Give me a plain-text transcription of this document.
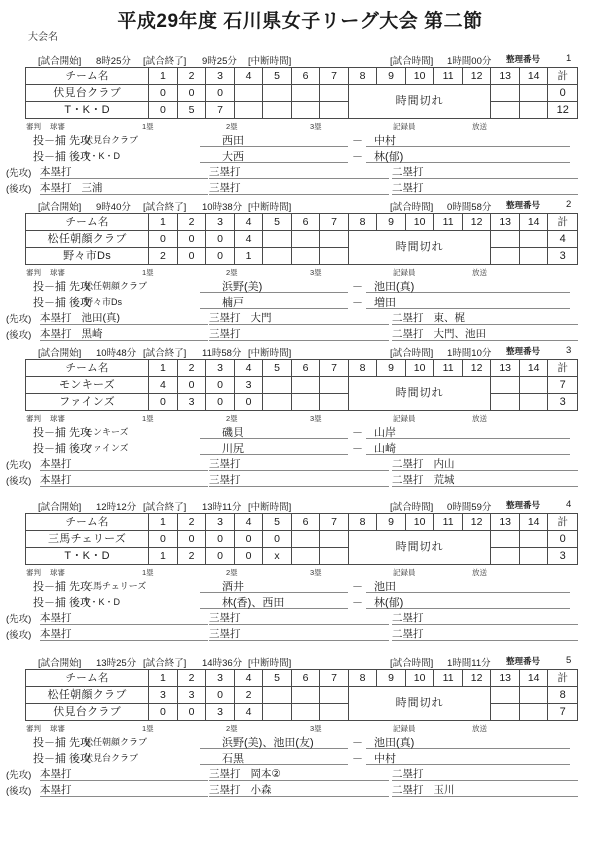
平成29年度 石川県女子リーグ大会 第二節
大会名
[試合開始] 8時25分 [試合終了] 9時25分 [中断時間]	[試合時間] 1時間00分 整理番号	1
チーム名	1	2	3	4	5	6	7	8	9	10	11	12	13	14	計
伏見台クラブ	0	0	0					時間切れ							0
T・K・D	0	5	7												12
審判 球審	1塁	2塁	3塁	記録員	放送
投－捕 先攻
伏見台クラブ	西田	－	中村
投－捕 後攻
T・K・D	大西	－	林(郁)
(先攻) 本塁打	三塁打	二塁打
(後攻) 本塁打 三浦	三塁打	二塁打
[試合開始] 9時40分 [試合終了] 10時38分 [中断時間]	[試合時間] 0時間58分 整理番号	2
チーム名	1	2	3	4	5	6	7	8	9	10	11	12	13	14	計
松任朝顔クラブ	0	0	0	4				時間切れ							4
野々市Ds	2	0	0	1											3
審判 球審	1塁	2塁	3塁	記録員	放送
投－捕 先攻
松任朝顔クラブ	浜野(美)	－	池田(真)
投－捕 後攻
野々市Ds	楠戸	－	増田
(先攻) 本塁打 池田(真)	三塁打 大門	二塁打 東、梶
(後攻) 本塁打 黒崎	三塁打	二塁打 大門、池田
[試合開始] 10時48分 [試合終了] 11時58分 [中断時間]	[試合時間] 1時間10分 整理番号	3
チーム名	1	2	3	4	5	6	7	8	9	10	11	12	13	14	計
モンキーズ	4	0	0	3				時間切れ							7
ファインズ	0	3	0	0											3
審判 球審	1塁	2塁	3塁	記録員	放送
投－捕 先攻
モンキーズ	磯貝	－	山岸
投－捕 後攻
ファインズ	川尻	－	山崎
(先攻) 本塁打	三塁打	二塁打 内山
(後攻) 本塁打	三塁打	二塁打 荒城
[試合開始] 12時12分 [試合終了] 13時11分 [中断時間]	[試合時間] 0時間59分 整理番号	4
チーム名	1	2	3	4	5	6	7	8	9	10	11	12	13	14	計
三馬チェリーズ	0	0	0	0	0			時間切れ							0
T・K・D	1	2	0	0	x										3
審判 球審	1塁	2塁	3塁	記録員	放送
投－捕 先攻
三馬チェリーズ	酒井	－	池田
投－捕 後攻
T・K・D	林(香)、西田	－	林(郁)
(先攻) 本塁打	三塁打	二塁打
(後攻) 本塁打	三塁打	二塁打
[試合開始] 13時25分 [試合終了] 14時36分 [中断時間]	[試合時間] 1時間11分 整理番号	5
チーム名	1	2	3	4	5	6	7	8	9	10	11	12	13	14	計
松任朝顔クラブ	3	3	0	2				時間切れ							8
伏見台クラブ	0	0	3	4											7
審判 球審	1塁	2塁	3塁	記録員	放送
投－捕 先攻
松任朝顔クラブ	浜野(美)、池田(友)	－	池田(真)
投－捕 後攻
伏見台クラブ	石黒	－	中村
(先攻) 本塁打	三塁打 岡本②	二塁打
(後攻) 本塁打	三塁打 小森	二塁打 玉川
